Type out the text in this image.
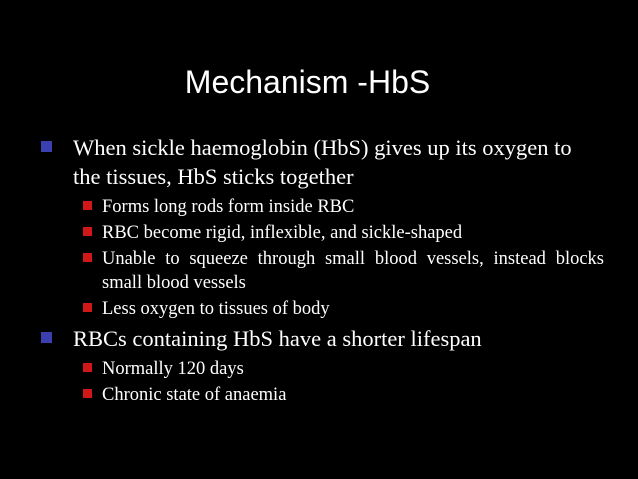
Mechanism -HbS
When sickle haemoglobin (HbS) gives up its oxygen to the tissues, HbS sticks together
Forms long rods form inside RBC
RBC become rigid, inflexible, and sickle-shaped
Unable to squeeze through small blood vessels, instead blocks small blood vessels
Less oxygen to tissues of body
RBCs containing HbS have a shorter lifespan
Normally 120 days
Chronic state of anaemia
